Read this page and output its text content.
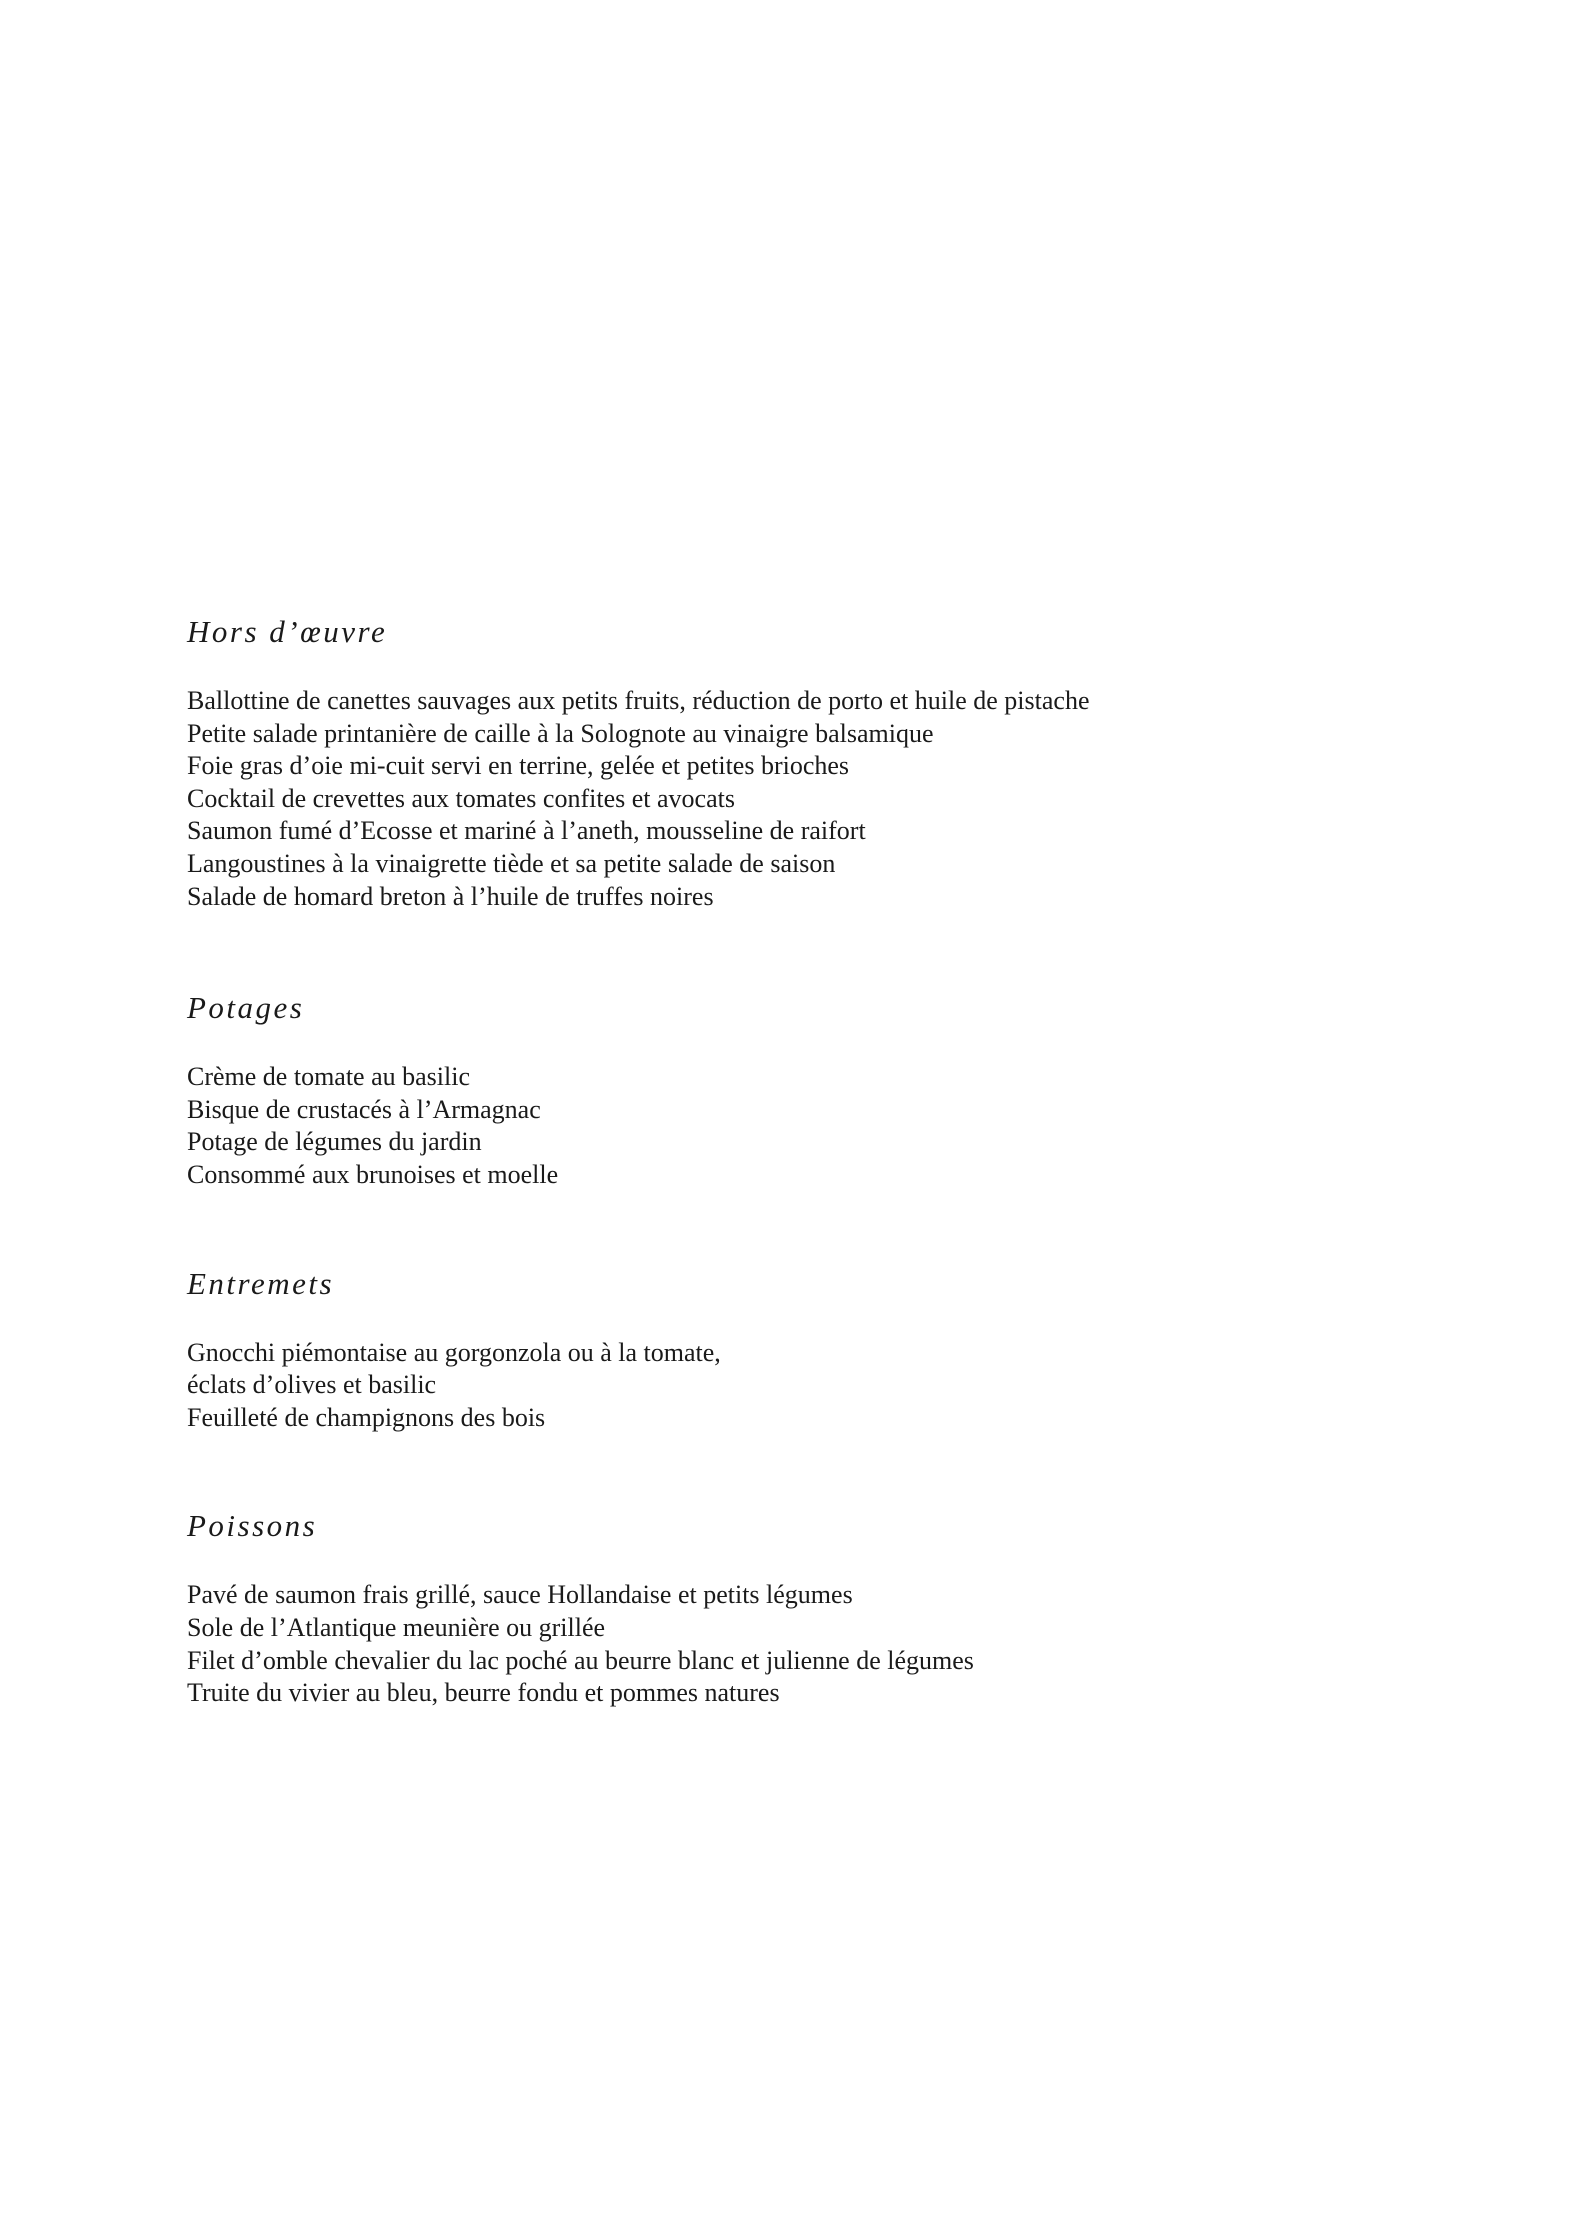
Hors d’œuvre

Ballottine de canettes sauvages aux petits fruits, réduction de porto et huile de pistache

Petite salade printanière de caille à la Solognote au vinaigre balsamique

Foie gras d’oie mi-cuit servi en terrine, gelée et petites brioches

Cocktail de crevettes aux tomates confites et avocats

Saumon fumé d’Ecosse et mariné à l’aneth, mousseline de raifort

Langoustines à la vinaigrette tiède et sa petite salade de saison

Salade de homard breton à l’huile de truffes noires

Potages

Crème de tomate au basilic

Bisque de crustacés à l’Armagnac

Potage de légumes du jardin

Consommé aux brunoises et moelle

Entremets

Gnocchi piémontaise au gorgonzola ou à la tomate,

éclats d’olives et basilic

Feuilleté de champignons des bois

Poissons

Pavé de saumon frais grillé, sauce Hollandaise et petits légumes

Sole de l’Atlantique meunière ou grillée

Filet d’omble chevalier du lac poché au beurre blanc et julienne de légumes

Truite du vivier au bleu, beurre fondu et pommes natures
